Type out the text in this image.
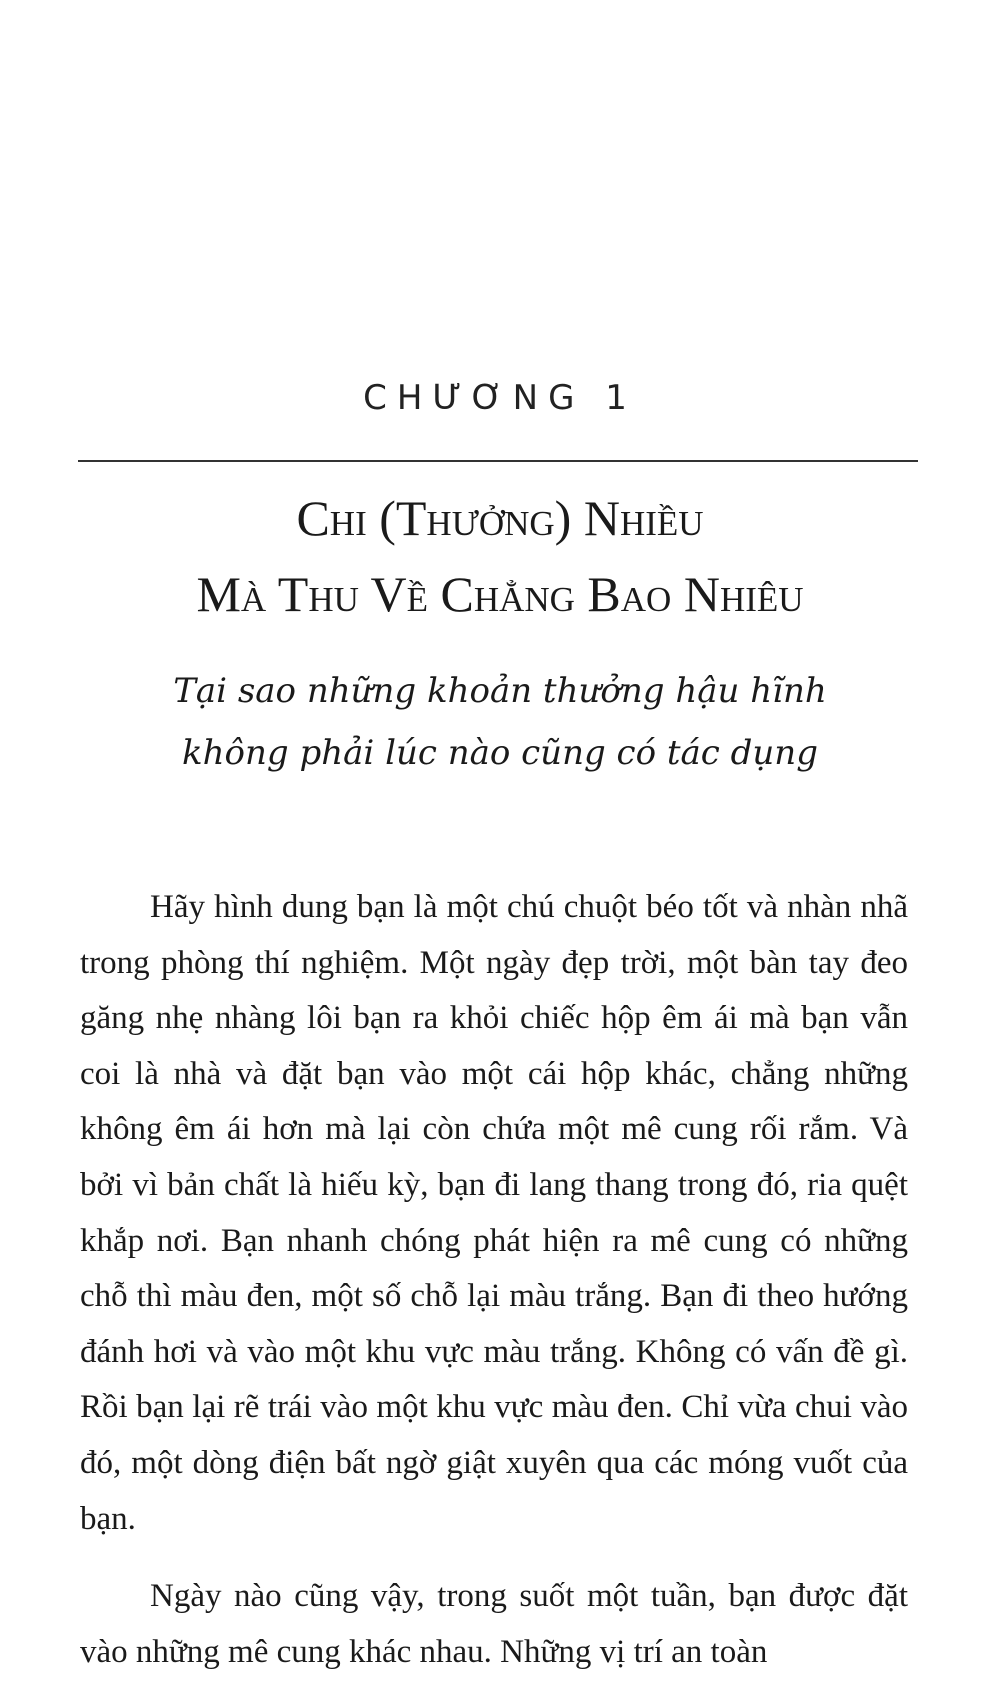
CHƯƠNG 1
Chi (Thưởng) Nhiều
Mà Thu Về Chẳng Bao Nhiêu
Tại sao những khoản thưởng hậu hĩnh
không phải lúc nào cũng có tác dụng

Hãy hình dung bạn là một chú chuột béo tốt và nhàn nhã trong phòng thí nghiệm. Một ngày đẹp trời, một bàn tay đeo găng nhẹ nhàng lôi bạn ra khỏi chiếc hộp êm ái mà bạn vẫn coi là nhà và đặt bạn vào một cái hộp khác, chẳng những không êm ái hơn mà lại còn chứa một mê cung rối rắm. Và bởi vì bản chất là hiếu kỳ, bạn đi lang thang trong đó, ria quệt khắp nơi. Bạn nhanh chóng phát hiện ra mê cung có những chỗ thì màu đen, một số chỗ lại màu trắng. Bạn đi theo hướng đánh hơi và vào một khu vực màu trắng. Không có vấn đề gì. Rồi bạn lại rẽ trái vào một khu vực màu đen. Chỉ vừa chui vào đó, một dòng điện bất ngờ giật xuyên qua các móng vuốt của bạn.

Ngày nào cũng vậy, trong suốt một tuần, bạn được đặt vào những mê cung khác nhau. Những vị trí an toàn
